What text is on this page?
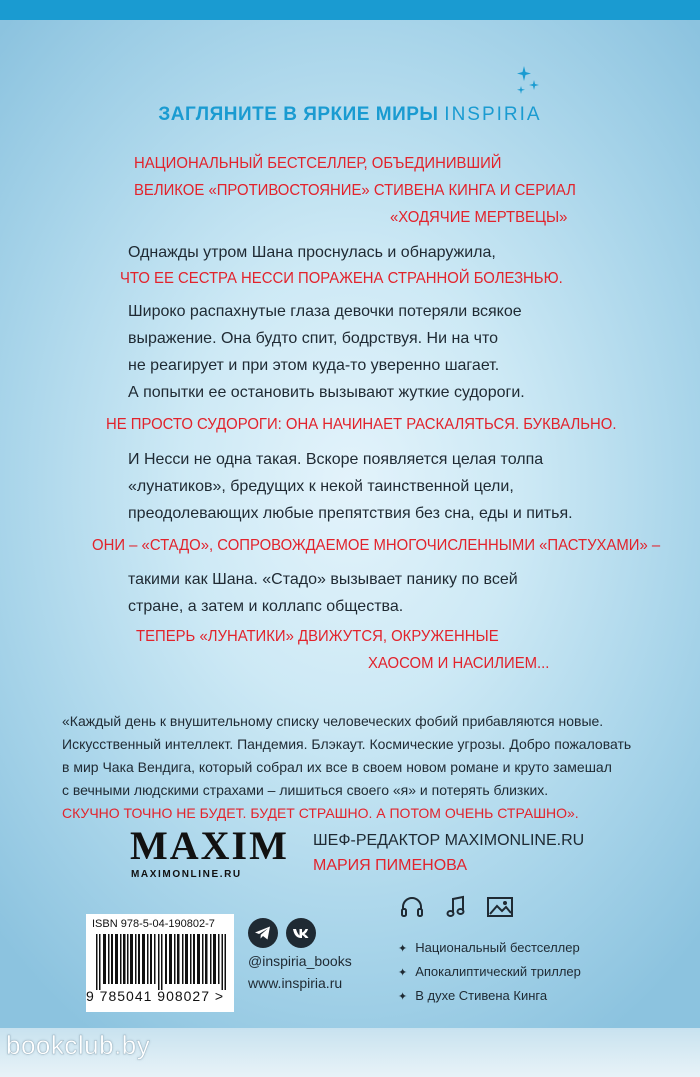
ЗАГЛЯНИТЕ В ЯРКИЕ МИРЫ INSPIRIA
НАЦИОНАЛЬНЫЙ БЕСТСЕЛЛЕР, ОБЪЕДИНИВШИЙ
ВЕЛИКОЕ «ПРОТИВОСТОЯНИЕ» СТИВЕНА КИНГА И СЕРИАЛ
«ХОДЯЧИЕ МЕРТВЕЦЫ»
Однажды утром Шана проснулась и обнаружила,
ЧТО ЕЕ СЕСТРА НЕССИ ПОРАЖЕНА СТРАННОЙ БОЛЕЗНЬЮ.
Широко распахнутые глаза девочки потеряли всякое
выражение. Она будто спит, бодрствуя. Ни на что
не реагирует и при этом куда-то уверенно шагает.
А попытки ее остановить вызывают жуткие судороги.
НЕ ПРОСТО СУДОРОГИ: ОНА НАЧИНАЕТ РАСКАЛЯТЬСЯ. БУКВАЛЬНО.
И Несси не одна такая. Вскоре появляется целая толпа
«лунатиков», бредущих к некой таинственной цели,
преодолевающих любые препятствия без сна, еды и питья.
ОНИ – «СТАДО», СОПРОВОЖДАЕМОЕ МНОГОЧИСЛЕННЫМИ «ПАСТУХАМИ» –
такими как Шана. «Стадо» вызывает панику по всей
стране, а затем и коллапс общества.
ТЕПЕРЬ «ЛУНАТИКИ» ДВИЖУТСЯ, ОКРУЖЕННЫЕ
ХАОСОМ И НАСИЛИЕМ...
«Каждый день к внушительному списку человеческих фобий прибавляются новые.
Искусственный интеллект. Пандемия. Блэкаут. Космические угрозы. Добро пожаловать
в мир Чака Вендига, который собрал их все в своем новом романе и круто замешал
с вечными людскими страхами – лишиться своего «я» и потерять близких.
СКУЧНО ТОЧНО НЕ БУДЕТ. БУДЕТ СТРАШНО. А ПОТОМ ОЧЕНЬ СТРАШНО».
MAXIM
MAXIMONLINE.RU
ШЕФ-РЕДАКТОР MAXIMONLINE.RU
МАРИЯ ПИМЕНОВА
ISBN 978-5-04-190802-7
9 785041 908027 >
@inspiria_books
www.inspiria.ru
✦ Национальный бестселлер
✦ Апокалиптический триллер
✦ В духе Стивена Кинга
bookclub.by
